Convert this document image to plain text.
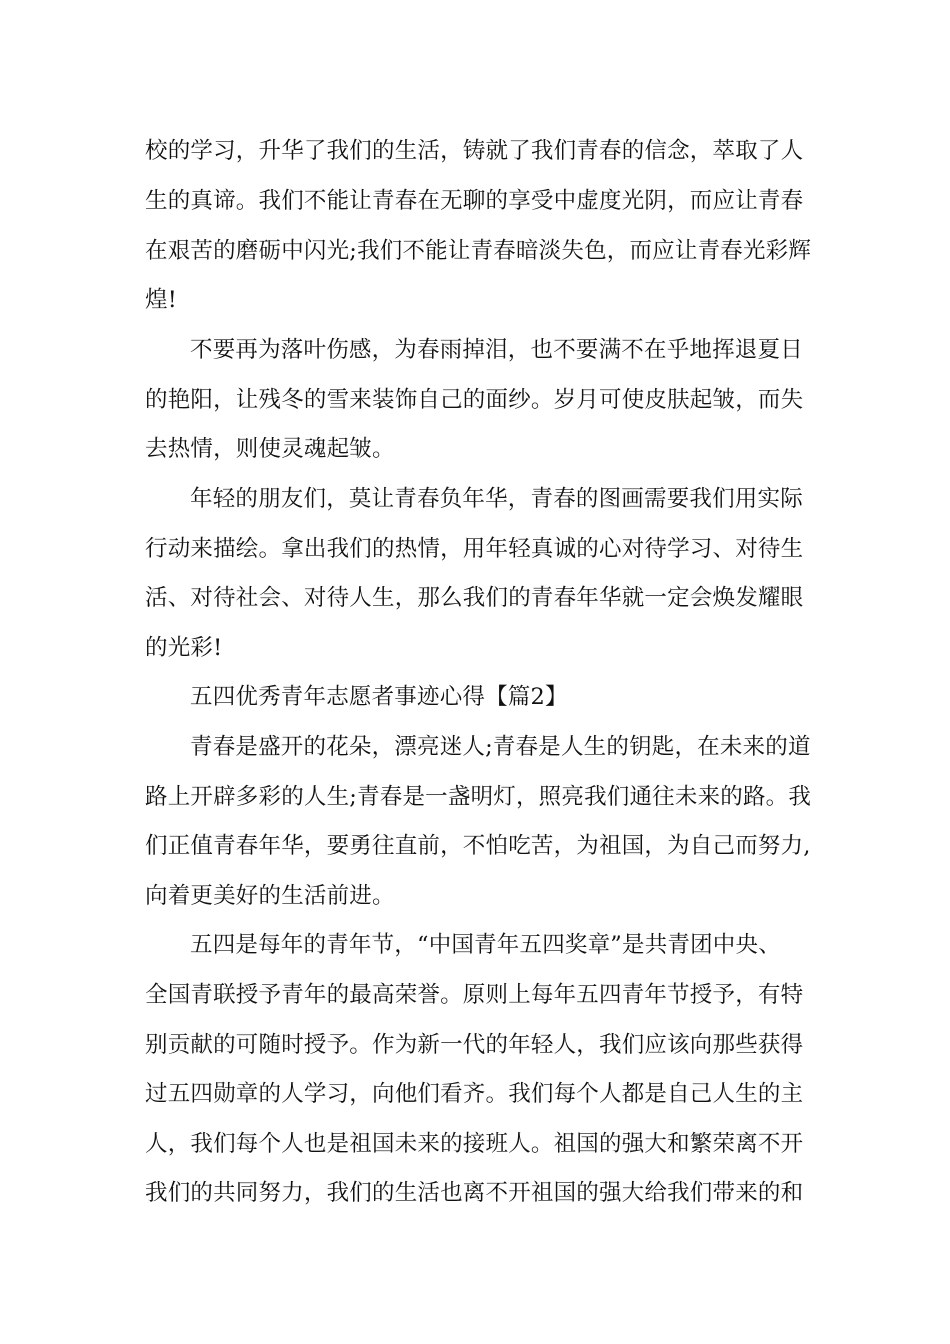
校的学习，升华了我们的生活，铸就了我们青春的信念，萃取了人

生的真谛。我们不能让青春在无聊的享受中虚度光阴，而应让青春

在艰苦的磨砺中闪光;我们不能让青春暗淡失色，而应让青春光彩辉

煌!

不要再为落叶伤感，为春雨掉泪，也不要满不在乎地挥退夏日

的艳阳，让残冬的雪来装饰自己的面纱。岁月可使皮肤起皱，而失

去热情，则使灵魂起皱。

年轻的朋友们，莫让青春负年华，青春的图画需要我们用实际

行动来描绘。拿出我们的热情，用年轻真诚的心对待学习、对待生

活、对待社会、对待人生，那么我们的青春年华就一定会焕发耀眼

的光彩!

五四优秀青年志愿者事迹心得【篇2】

青春是盛开的花朵，漂亮迷人;青春是人生的钥匙，在未来的道

路上开辟多彩的人生;青春是一盏明灯，照亮我们通往未来的路。我

们正值青春年华，要勇往直前，不怕吃苦，为祖国，为自己而努力,

向着更美好的生活前进。

五四是每年的青年节，“中国青年五四奖章”是共青团中央、

全国青联授予青年的最高荣誉。原则上每年五四青年节授予，有特

别贡献的可随时授予。作为新一代的年轻人，我们应该向那些获得

过五四勋章的人学习，向他们看齐。我们每个人都是自己人生的主

人，我们每个人也是祖国未来的接班人。祖国的强大和繁荣离不开

我们的共同努力，我们的生活也离不开祖国的强大给我们带来的和
